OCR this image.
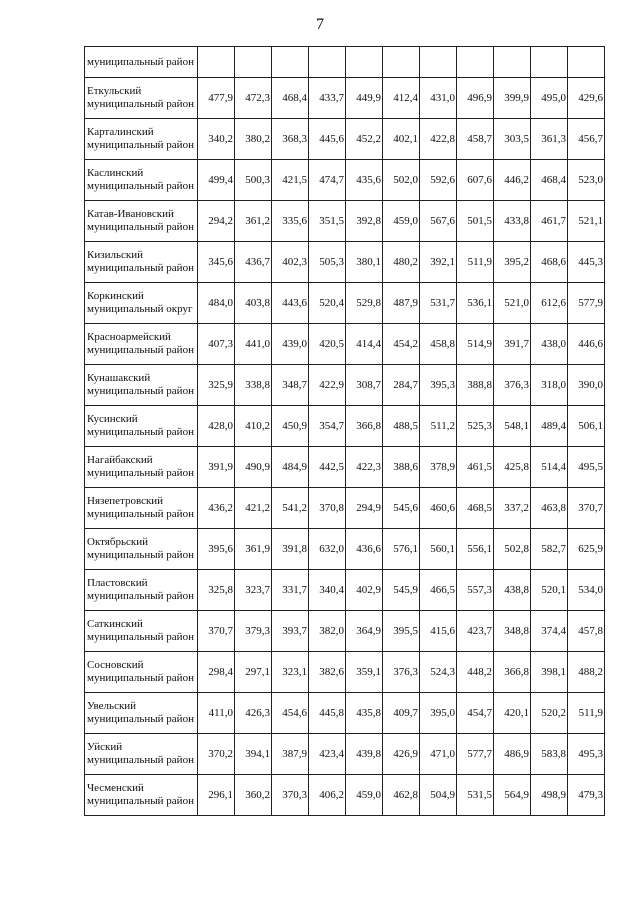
7
муниципальный район											
Еткульский муниципальный район	477,9	472,3	468,4	433,7	449,9	412,4	431,0	496,9	399,9	495,0	429,6
Карталинский муниципальный район	340,2	380,2	368,3	445,6	452,2	402,1	422,8	458,7	303,5	361,3	456,7
Каслинский муниципальный район	499,4	500,3	421,5	474,7	435,6	502,0	592,6	607,6	446,2	468,4	523,0
Катав-Ивановский муниципальный район	294,2	361,2	335,6	351,5	392,8	459,0	567,6	501,5	433,8	461,7	521,1
Кизильский муниципальный район	345,6	436,7	402,3	505,3	380,1	480,2	392,1	511,9	395,2	468,6	445,3
Коркинский муниципальный округ	484,0	403,8	443,6	520,4	529,8	487,9	531,7	536,1	521,0	612,6	577,9
Красноармейский муниципальный район	407,3	441,0	439,0	420,5	414,4	454,2	458,8	514,9	391,7	438,0	446,6
Кунашакский муниципальный район	325,9	338,8	348,7	422,9	308,7	284,7	395,3	388,8	376,3	318,0	390,0
Кусинский муниципальный район	428,0	410,2	450,9	354,7	366,8	488,5	511,2	525,3	548,1	489,4	506,1
Нагайбакский муниципальный район	391,9	490,9	484,9	442,5	422,3	388,6	378,9	461,5	425,8	514,4	495,5
Нязепетровский муниципальный район	436,2	421,2	541,2	370,8	294,9	545,6	460,6	468,5	337,2	463,8	370,7
Октябрьский муниципальный район	395,6	361,9	391,8	632,0	436,6	576,1	560,1	556,1	502,8	582,7	625,9
Пластовский муниципальный район	325,8	323,7	331,7	340,4	402,9	545,9	466,5	557,3	438,8	520,1	534,0
Саткинский муниципальный район	370,7	379,3	393,7	382,0	364,9	395,5	415,6	423,7	348,8	374,4	457,8
Сосновский муниципальный район	298,4	297,1	323,1	382,6	359,1	376,3	524,3	448,2	366,8	398,1	488,2
Увельский муниципальный район	411,0	426,3	454,6	445,8	435,8	409,7	395,0	454,7	420,1	520,2	511,9
Уйский муниципальный район	370,2	394,1	387,9	423,4	439,8	426,9	471,0	577,7	486,9	583,8	495,3
Чесменский муниципальный район	296,1	360,2	370,3	406,2	459,0	462,8	504,9	531,5	564,9	498,9	479,3
